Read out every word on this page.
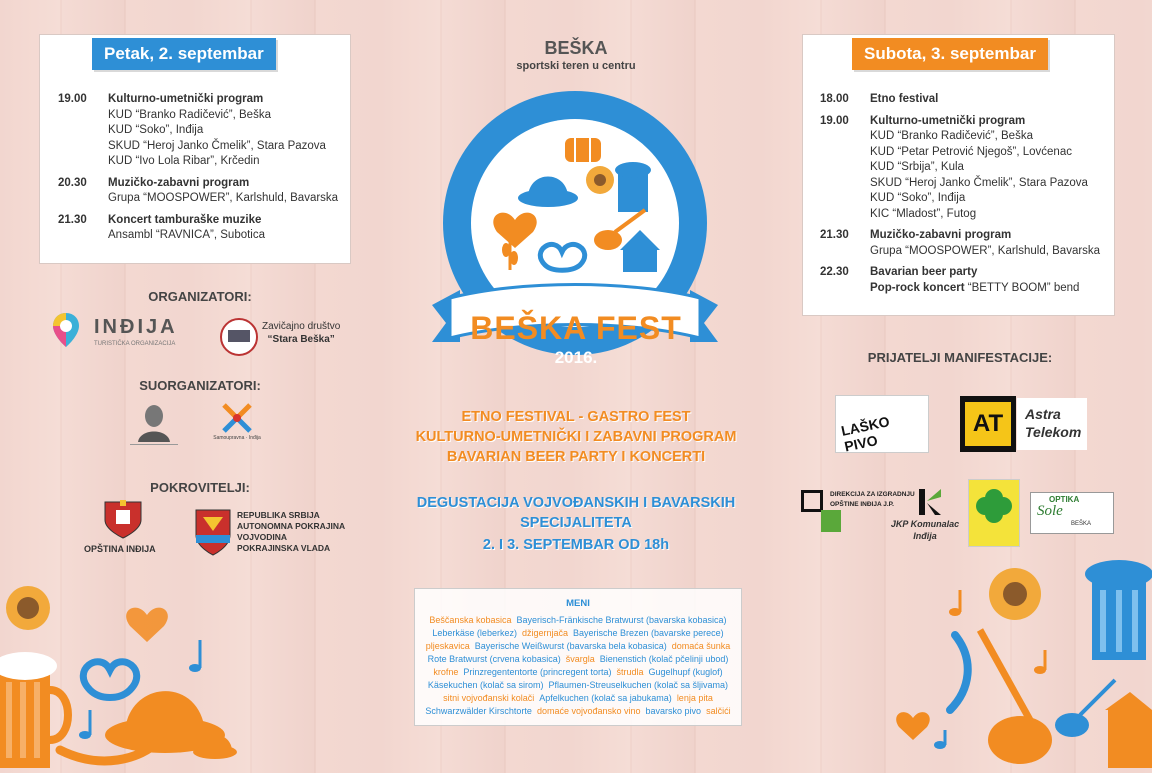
Petak, 2. septembar
19.00	Kulturno-umetnički program
KUD “Branko Radičević”, Beška
KUD “Soko”, Inđija
SKUD “Heroj Janko Čmelik”, Stara Pazova
KUD “Ivo Lola Ribar”, Krčedin
20.30	Muzičko-zabavni program
Grupa “MOOSPOWER”, Karlshuld, Bavarska
21.30	Koncert tamburaške muzike
Ansambl “RAVNICA”, Subotica
ORGANIZATORI:
INĐIJA
TURISTIČKA ORGANIZACIJA
Zavičajno društvo
“Stara Beška”
SUORGANIZATORI:
Samoupravna · Inđija
POKROVITELJI:
OPŠTINA INĐIJA
REPUBLIKA SRBIJA
AUTONOMNA POKRAJINA
VOJVODINA
POKRAJINSKA VLADA
BEŠKA
sportski teren u centru
BEŠKA FEST
2016.
ETNO FESTIVAL - GASTRO FEST
KULTURNO-UMETNIČKI I ZABAVNI PROGRAM
BAVARIAN BEER PARTY I KONCERTI
DEGUSTACIJA VOJVOĐANSKIH I BAVARSKIH
SPECIJALITETA
2. I 3. SEPTEMBAR OD 18h
MENI
Beščanska kobasica Bayerisch-Fränkische Bratwurst (bavarska kobasica)
Leberkäse (leberkez) džigernjača Bayerische Brezen (bavarske perece)
pljeskavica Bayerische Weißwurst (bavarska bela kobasica) domaća šunka
Rote Bratwurst (crvena kobasica) švargla Bienenstich (kolač pčelinji ubod)
krofne Prinzregententorte (princregent torta) štrudla Gugelhupf (kuglof)
Käsekuchen (kolač sa sirom) Pflaumen-Streuselkuchen (kolač sa šljivama)
sitni vojvođanski kolači Apfelkuchen (kolač sa jabukama) lenja pita
Schwarzwälder Kirschtorte domaće vojvođansko vino bavarsko pivo salčići
Subota, 3. septembar
18.00	Etno festival
19.00	Kulturno-umetnički program
KUD “Branko Radičević”, Beška
KUD “Petar Petrović Njegoš”, Lovćenac
KUD “Srbija”, Kula
SKUD “Heroj Janko Čmelik”, Stara Pazova
KUD “Soko”, Inđija
KIC “Mladost”, Futog
21.30	Muzičko-zabavni program
Grupa “MOOSPOWER”, Karlshuld, Bavarska
22.30	Bavarian beer party
Pop-rock koncert “BETTY BOOM” bend
PRIJATELJI MANIFESTACIJE:
LAŠKO PIVO
AT	Astra
Telekom
DIREKCIJA ZA IZGRADNJU
OPŠTINE INĐIJA J.P.
JKP Komunalac
Inđija
OPTIKA
Sole
BEŠKA
